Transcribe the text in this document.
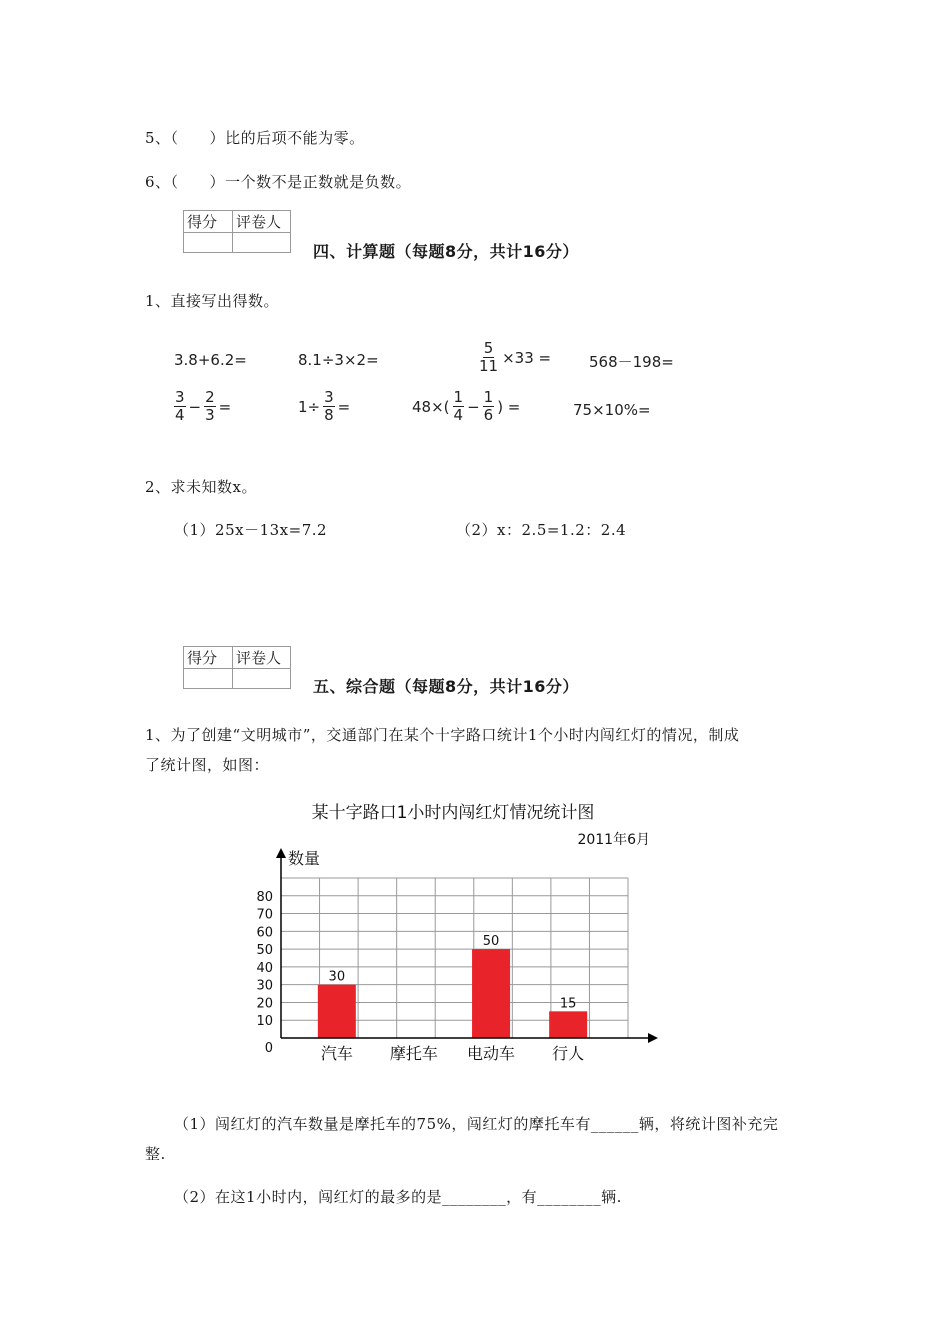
5、（　　）比的后项不能为零。
6、（　　）一个数不是正数就是负数。
得分	评卷人

四、计算题（每题8分，共计16分）
1、直接写出得数。
3.8+6.2=	8.1÷3×2=	$\frac{5}{11} \times 33$ =	568－198=
$\frac{3}{4} - \frac{2}{3}$ =	$1\div \frac{3}{8}$ =	$48\times( \frac{1}{4} - \frac{1}{6}$ ) =	75×10%=
2、求未知数x。
（1）25x－13x=7.2	（2）x：2.5=1.2：2.4
得分	评卷人

五、综合题（每题8分，共计16分）
1、为了创建“文明城市”，交通部门在某个十字路口统计1个小时内闯红灯的情况，制成
了统计图，如图：
某十字路口1小时内闯红灯情况统计图
2011年6月
数量
30
50
15
0
10
20
30
40
50
60
70
80
汽车 摩托车 电动车 行人
（1）闯红灯的汽车数量是摩托车的75%，闯红灯的摩托车有______辆，将统计图补充完
整.
（2）在这1小时内，闯红灯的最多的是________，有________辆.
